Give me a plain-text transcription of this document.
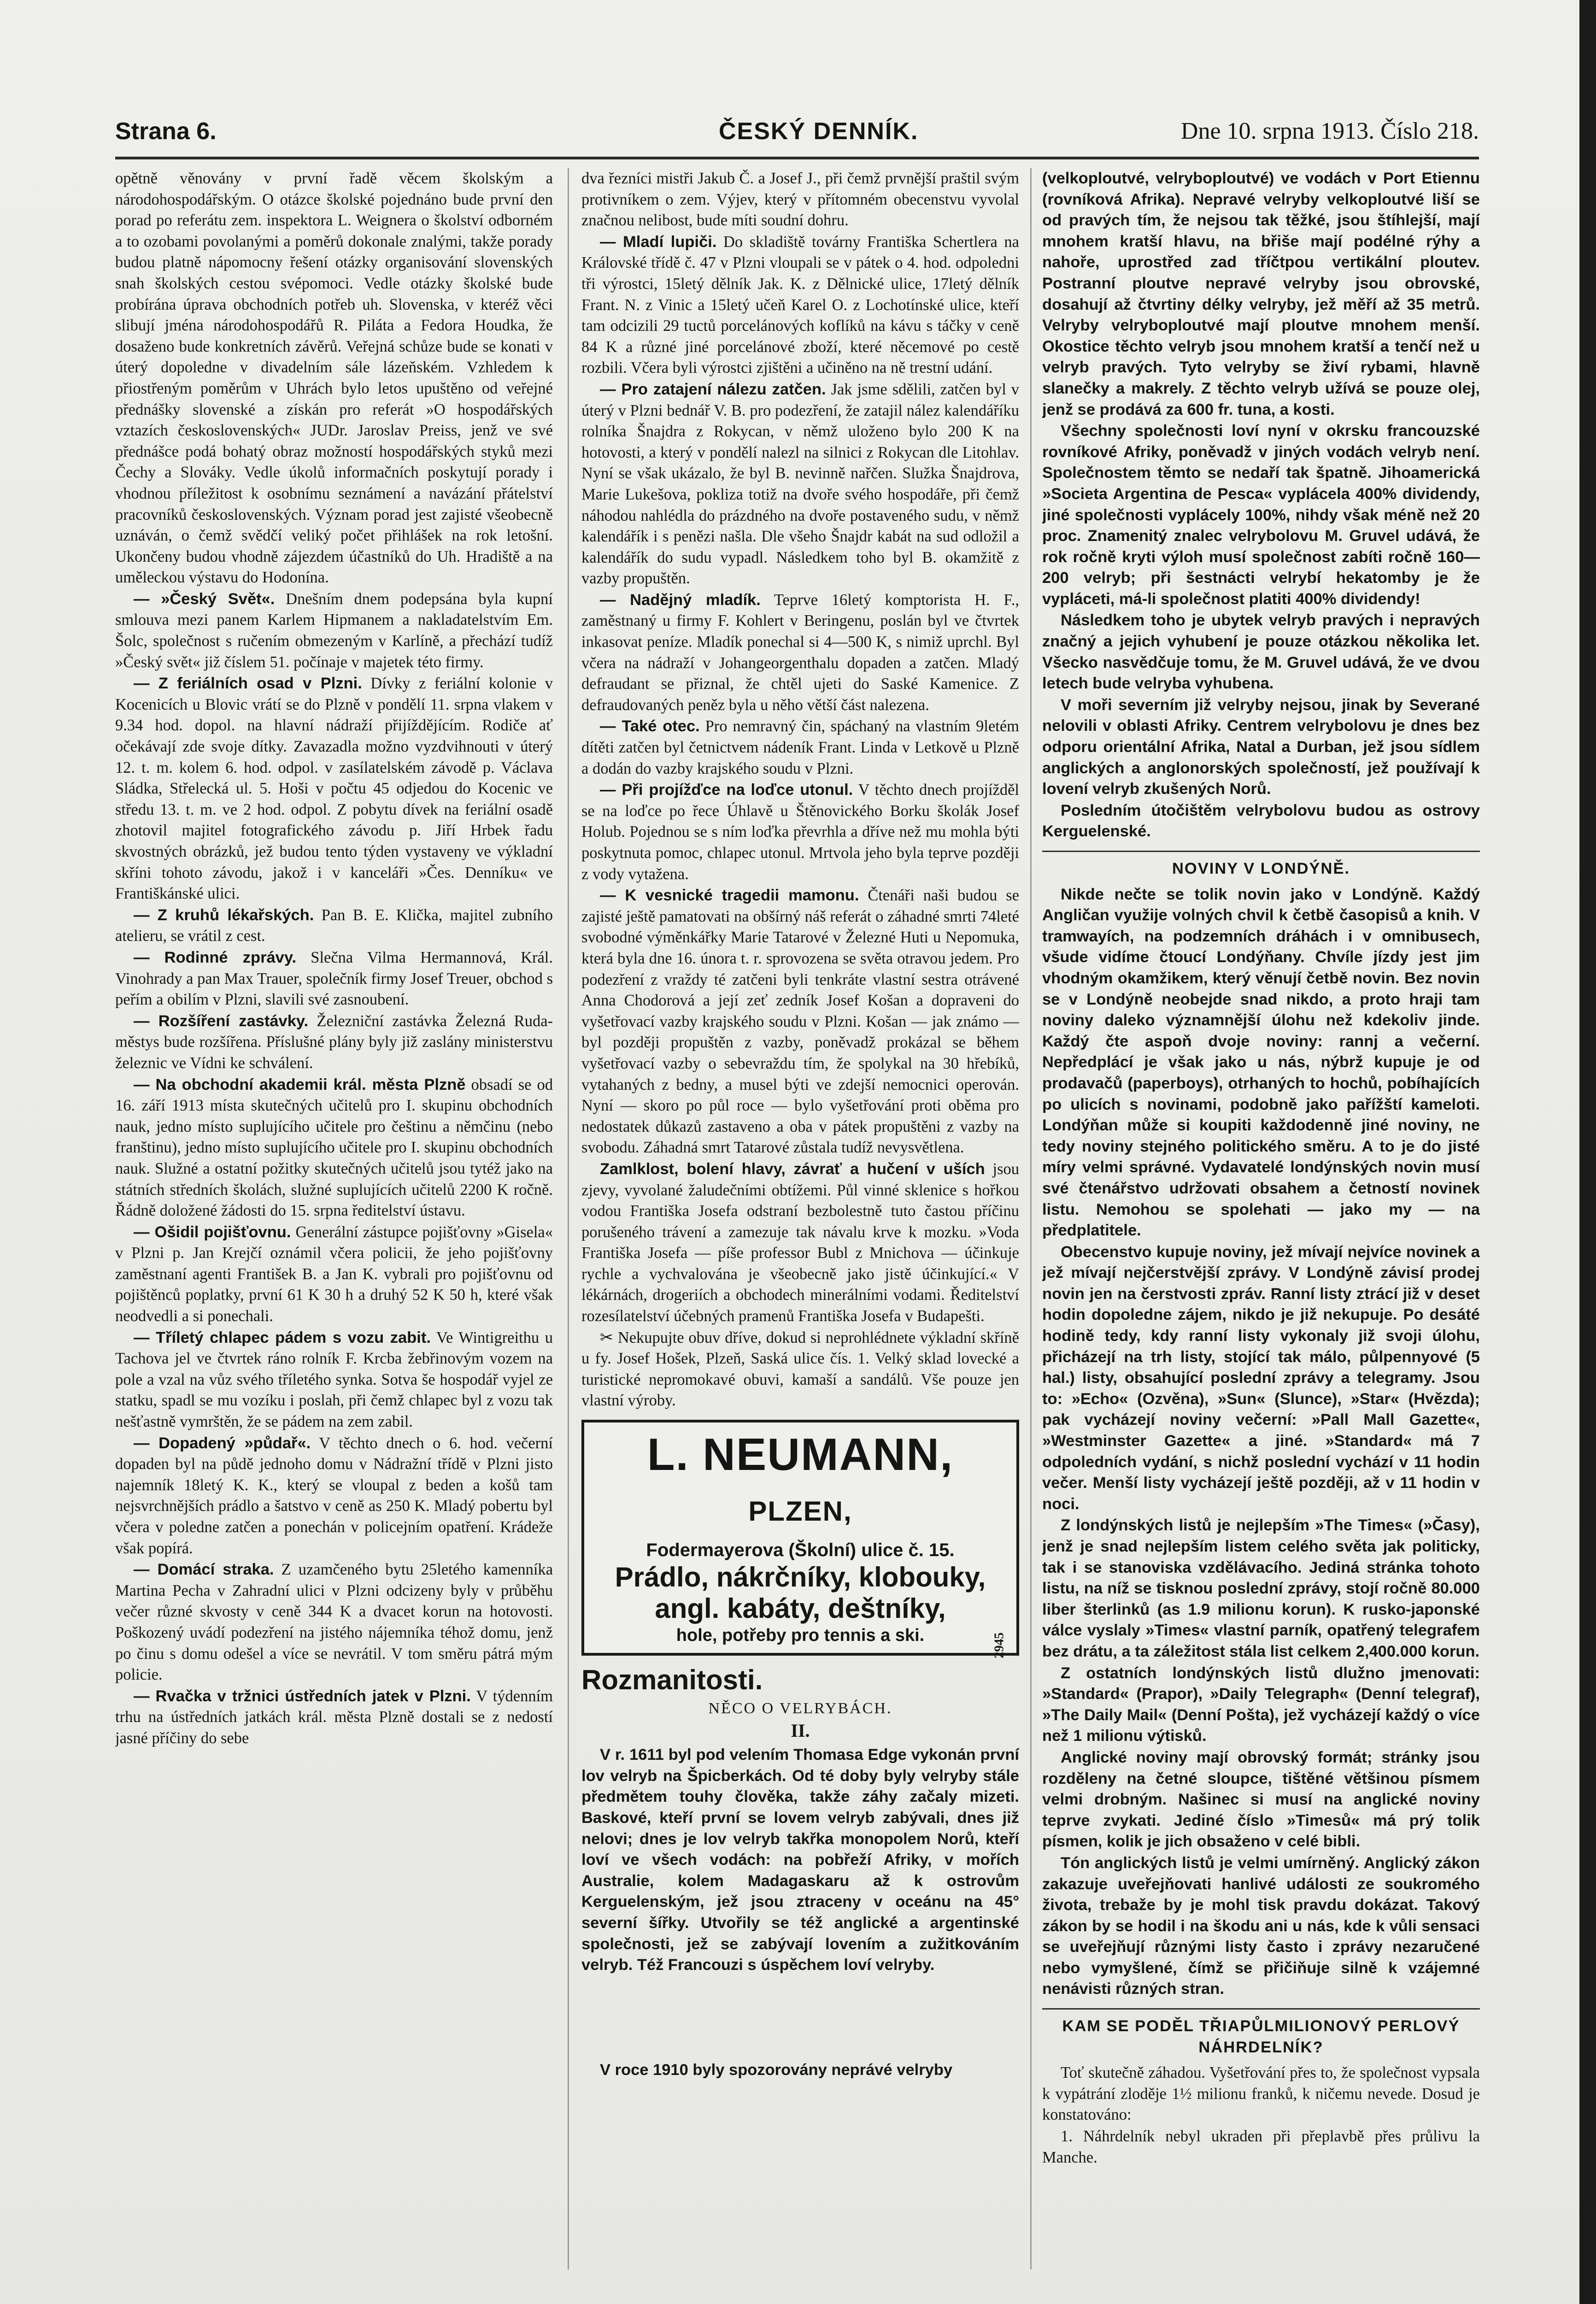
Strana 6.	ČESKÝ DENNÍK.	Dne 10. srpna 1913. Číslo 218.

opětně věnovány v první řadě věcem školským a národohospodářským. O otázce školské pojednáno bude první den porad po referátu zem. inspektora L. Weignera o školství odborném a to ozobami povolanými a poměrů dokonale znalými, takže porady budou platně nápomocny řešení otázky organisování slovenských snah školských cestou svépomoci. Vedle otázky školské bude probírána úprava obchodních potřeb uh. Slovenska, v kteréž věci slibují jména národohospodářů R. Piláta a Fedora Houdka, že dosaženo bude konkretních závěrů. Veřejná schůze bude se konati v úterý dopoledne v divadelním sále lázeňském. Vzhledem k přiostřeným poměrům v Uhrách bylo letos upuštěno od veřejné přednášky slovenské a získán pro referát »O hospodářských vztazích československých« JUDr. Jaroslav Preiss, jenž ve své přednášce podá bohatý obraz možností hospodářských styků mezi Čechy a Slováky. Vedle úkolů informačních poskytují porady i vhodnou příležitost k osobnímu seznámení a navázání přátelství pracovníků československých. Význam porad jest zajisté všeobecně uznáván, o čemž svědčí veliký počet přihlášek na rok letošní. Ukončeny budou vhodně zájezdem účastníků do Uh. Hradiště a na uměleckou výstavu do Hodonína.

— »Český Svět«. Dnešním dnem podepsána byla kupní smlouva mezi panem Karlem Hipmanem a nakladatelstvím Em. Šolc, společnost s ručením obmezeným v Karlíně, a přechází tudíž »Český svět« již číslem 51. počínaje v majetek této firmy.

— Z feriálních osad v Plzni. Dívky z feriální kolonie v Kocenicích u Blovic vrátí se do Plzně v pondělí 11. srpna vlakem v 9.34 hod. dopol. na hlavní nádraží přijíždějícím. Rodiče ať očekávají zde svoje dítky. Zavazadla možno vyzdvihnouti v úterý 12. t. m. kolem 6. hod. odpol. v zasílatelském závodě p. Václava Sládka, Střelecká ul. 5. Hoši v počtu 45 odjedou do Kocenic ve středu 13. t. m. ve 2 hod. odpol. Z pobytu dívek na feriální osadě zhotovil majitel fotografického závodu p. Jiří Hrbek řadu skvostných obrázků, jež budou tento týden vystaveny ve výkladní skříni tohoto závodu, jakož i v kanceláři »Čes. Denníku« ve Františkánské ulici.

— Z kruhů lékařských. Pan B. E. Klička, majitel zubního atelieru, se vrátil z cest.

— Rodinné zprávy. Slečna Vilma Hermannová, Král. Vinohrady a pan Max Trauer, společník firmy Josef Treuer, obchod s peřím a obilím v Plzni, slavili své zasnoubení.

— Rozšíření zastávky. Železniční zastávka Železná Ruda-městys bude rozšířena. Příslušné plány byly již zaslány ministerstvu železnic ve Vídni ke schválení.

— Na obchodní akademii král. města Plzně obsadí se od 16. září 1913 místa skutečných učitelů pro I. skupinu obchodních nauk, jedno místo suplujícího učitele pro češtinu a němčinu (nebo franštinu), jedno místo suplujícího učitele pro I. skupinu obchodních nauk. Služné a ostatní požitky skutečných učitelů jsou tytéž jako na státních středních školách, služné suplujících učitelů 2200 K ročně. Řádně doložené žádosti do 15. srpna ředitelství ústavu.

— Ošidil pojišťovnu. Generální zástupce pojišťovny »Gisela« v Plzni p. Jan Krejčí oznámil včera policii, že jeho pojišťovny zaměstnaní agenti František B. a Jan K. vybrali pro pojišťovnu od pojištěnců poplatky, první 61 K 30 h a druhý 52 K 50 h, které však neodvedli a si ponechali.

— Tříletý chlapec pádem s vozu zabit. Ve Wintigreithu u Tachova jel ve čtvrtek ráno rolník F. Krcba žebřinovým vozem na pole a vzal na vůz svého tříletého synka. Sotva še hospodář vyjel ze statku, spadl se mu vozíku i poslah, při čemž chlapec byl z vozu tak nešťastně vymrštěn, že se pádem na zem zabil.

— Dopadený »půdař«. V těchto dnech o 6. hod. večerní dopaden byl na půdě jednoho domu v Nádražní třídě v Plzni jisto najemník 18letý K. K., který se vloupal z beden a košů tam nejsvrchnějších prádlo a šatstvo v ceně as 250 K. Mladý pobertu byl včera v poledne zatčen a ponechán v policejním opatření. Krádeže však popírá.

— Domácí straka. Z uzamčeného bytu 25letého kamenníka Martina Pecha v Zahradní ulici v Plzni odcizeny byly v průběhu večer různé skvosty v ceně 344 K a dvacet korun na hotovosti. Poškozený uvádí podezření na jistého nájemníka téhož domu, jenž po činu s domu odešel a více se nevrátil. V tom směru pátrá mým policie.

— Rvačka v tržnici ústředních jatek v Plzni. V týdenním trhu na ústředních jatkách král. města Plzně dostali se z nedostí jasné příčiny do sebe

dva řezníci mistři Jakub Č. a Josef J., při čemž prvnější praštil svým protivníkem o zem. Výjev, který v přítomném obecenstvu vyvolal značnou nelibost, bude míti soudní dohru.

— Mladí lupiči. Do skladiště továrny Františka Schertlera na Královské třídě č. 47 v Plzni vloupali se v pátek o 4. hod. odpoledni tři výrostci, 15letý dělník Jak. K. z Dělnické ulice, 17letý dělník Frant. N. z Vinic a 15letý učeň Karel O. z Lochotínské ulice, kteří tam odcizili 29 tuctů porcelánových koflíků na kávu s táčky v ceně 84 K a různé jiné porcelánové zboží, které něcemové po cestě rozbili. Včera byli výrostci zjištěni a učiněno na ně trestní udání.

— Pro zatajení nálezu zatčen. Jak jsme sdělili, zatčen byl v úterý v Plzni bednář V. B. pro podezření, že zatajil nález kalendáříku rolníka Šnajdra z Rokycan, v němž uloženo bylo 200 K na hotovosti, a který v pondělí nalezl na silnici z Rokycan dle Litohlav. Nyní se však ukázalo, že byl B. nevinně nařčen. Služka Šnajdrova, Marie Lukešova, pokliza totiž na dvoře svého hospodáře, při čemž náhodou nahlédla do prázdného na dvoře postaveného sudu, v němž kalendářík i s penězi našla. Dle všeho Šnajdr kabát na sud odložil a kalendářík do sudu vypadl. Následkem toho byl B. okamžitě z vazby propuštěn.

— Nadějný mladík. Teprve 16letý komptorista H. F., zaměstnaný u firmy F. Kohlert v Beringenu, poslán byl ve čtvrtek inkasovat peníze. Mladík ponechal si 4—500 K, s nimiž uprchl. Byl včera na nádraží v Johangeorgenthalu dopaden a zatčen. Mladý defraudant se přiznal, že chtěl ujeti do Saské Kamenice. Z defraudovaných peněz byla u něho větší část nalezena.

— Také otec. Pro nemravný čin, spáchaný na vlastním 9letém dítěti zatčen byl četnictvem nádeník Frant. Linda v Letkově u Plzně a dodán do vazby krajského soudu v Plzni.

— Při projížďce na loďce utonul. V těchto dnech projížděl se na loďce po řece Úhlavě u Štěnovického Borku školák Josef Holub. Pojednou se s ním loďka převrhla a dříve než mu mohla býti poskytnuta pomoc, chlapec utonul. Mrtvola jeho byla teprve později z vody vytažena.

— K vesnické tragedii mamonu. Čtenáři naši budou se zajisté ještě pamatovati na obšírný náš referát o záhadné smrti 74leté svobodné výměnkářky Marie Tatarové v Železné Huti u Nepomuka, která byla dne 16. února t. r. sprovozena se světa otravou jedem. Pro podezření z vraždy té zatčeni byli tenkráte vlastní sestra otrávené Anna Chodorová a její zeť zedník Josef Košan a dopraveni do vyšetřovací vazby krajského soudu v Plzni. Košan — jak známo — byl později propuštěn z vazby, poněvadž prokázal se během vyšetřovací vazby o sebevraždu tím, že spolykal na 30 hřebíků, vytahaných z bedny, a musel býti ve zdejší nemocnici operován. Nyní — skoro po půl roce — bylo vyšetřování proti oběma pro nedostatek důkazů zastaveno a oba v pátek propuštěni z vazby na svobodu. Záhadná smrt Tatarové zůstala tudíž nevysvětlena.

Zamlklost, bolení hlavy, závrať a hučení v uších jsou zjevy, vyvolané žaludečními obtížemi. Půl vinné sklenice s hořkou vodou Františka Josefa odstraní bezbolestně tuto častou příčinu porušeného trávení a zamezuje tak návalu krve k mozku. »Voda Františka Josefa — píše professor Bubl z Mnichova — účinkuje rychle a vychvalována je všeobecně jako jistě účinkující.« V lékárnách, drogeriích a obchodech minerálními vodami. Ředitelství rozesílatelství účebných pramenů Františka Josefa v Budapešti.

✂ Nekupujte obuv dříve, dokud si neprohlédnete výkladní skříně u fy. Josef Hošek, Plzeň, Saská ulice čís. 1. Velký sklad lovecké a turistické nepromokavé obuvi, kamaší a sandálů. Vše pouze jen vlastní výroby.

L. NEUMANN, PLZEN,
Fodermayerova (Školní) ulice č. 15.
Prádlo, nákrčníky, klobouky, angl. kabáty, deštníky,
hole, potřeby pro tennis a ski.	2945
Rozmanitosti.
NĚCO O VELRYBÁCH.
II.

V r. 1611 byl pod velením Thomasa Edge vykonán první lov velryb na Špicberkách. Od té doby byly velryby stále předmětem touhy člověka, takže záhy začaly mizeti. Baskové, kteří první se lovem velryb zabývali, dnes již nelovi; dnes je lov velryb takřka monopolem Norů, kteří loví ve všech vodách: na pobřeží Afriky, v mořích Australie, kolem Madagaskaru až k ostrovům Kerguelenským, jež jsou ztraceny v oceánu na 45° severní šířky. Utvořily se též anglické a argentinské společnosti, jež se zabývají lovením a zužitkováním velryb. Též Francouzi s úspěchem loví velryby.

V roce 1910 byly spozorovány neprávé velryby

(velkoploutvé, velryboploutvé) ve vodách v Port Etiennu (rovníková Afrika). Nepravé velryby velkoploutvé liší se od pravých tím, že nejsou tak těžké, jsou štíhlejší, mají mnohem kratší hlavu, na břiše mají podélné rýhy a nahoře, uprostřed zad tříčtpou vertikální ploutev. Postranní ploutve nepravé velryby jsou obrovské, dosahují až čtvrtiny délky velryby, jež měří až 35 metrů. Velryby velryboploutvé mají ploutve mnohem menší. Okostice těchto velryb jsou mnohem kratší a tenčí než u velryb pravých. Tyto velryby se živí rybami, hlavně slanečky a makrely. Z těchto velryb užívá se pouze olej, jenž se prodává za 600 fr. tuna, a kosti.

Všechny společnosti loví nyní v okrsku francouzské rovníkové Afriky, poněvadž v jiných vodách velryb není. Společnostem těmto se nedaří tak špatně. Jihoamerická »Societa Argentina de Pesca« vyplácela 400% dividendy, jiné společnosti vyplácely 100%, nihdy však méně než 20 proc. Znamenitý znalec velrybolovu M. Gruvel udává, že rok ročně kryti výloh musí společnost zabíti ročně 160—200 velryb; při šestnácti velrybí hekatomby je že vypláceti, má-li společnost platiti 400% dividendy!

Následkem toho je ubytek velryb pravých i nepravých značný a jejich vyhubení je pouze otázkou několika let. Všecko nasvědčuje tomu, že M. Gruvel udává, že ve dvou letech bude velryba vyhubena.

V moři severním již velryby nejsou, jinak by Severané nelovili v oblasti Afriky. Centrem velrybolovu je dnes bez odporu orientální Afrika, Natal a Durban, jež jsou sídlem anglických a anglonorských společností, jež používají k lovení velryb zkušených Norů.

Posledním útočištěm velrybolovu budou as ostrovy Kerguelenské.

NOVINY V LONDÝNĚ.

Nikde nečte se tolik novin jako v Londýně. Každý Angličan využije volných chvil k četbě časopisů a knih. V tramwayích, na podzemních dráhách i v omnibusech, všude vidíme čtoucí Londýňany. Chvíle jízdy jest jim vhodným okamžikem, který věnují četbě novin. Bez novin se v Londýně neobejde snad nikdo, a proto hraji tam noviny daleko významnější úlohu než kdekoliv jinde. Každý čte aspoň dvoje noviny: rannj a večerní. Nepředplácí je však jako u nás, nýbrž kupuje je od prodavačů (paperboys), otrhaných to hochů, pobíhajících po ulicích s novinami, podobně jako pařížští kameloti. Londýňan může si koupiti každodenně jiné noviny, ne tedy noviny stejného politického směru. A to je do jisté míry velmi správné. Vydavatelé londýnských novin musí své čtenářstvo udržovati obsahem a četností novinek listu. Nemohou se spolehati — jako my — na předplatitele.

Obecenstvo kupuje noviny, jež mívají nejvíce novinek a jež mívají nejčerstvější zprávy. V Londýně závisí prodej novin jen na čerstvosti zpráv. Ranní listy ztrácí již v deset hodin dopoledne zájem, nikdo je již nekupuje. Po desáté hodině tedy, kdy ranní listy vykonaly již svoji úlohu, přicházejí na trh listy, stojící tak málo, půlpennyové (5 hal.) listy, obsahující poslední zprávy a telegramy. Jsou to: »Echo« (Ozvěna), »Sun« (Slunce), »Star« (Hvězda); pak vycházejí noviny večerní: »Pall Mall Gazette«, »Westminster Gazette« a jiné. »Standard« má 7 odpoledních vydání, s nichž poslední vychází v 11 hodin večer. Menší listy vycházejí ještě později, až v 11 hodin v noci.

Z londýnských listů je nejlepším »The Times« (»Časy), jenž je snad nejlepším listem celého světa jak politicky, tak i se stanoviska vzdělávacího. Jediná stránka tohoto listu, na níž se tisknou poslední zprávy, stojí ročně 80.000 liber šterlinků (as 1.9 milionu korun). K rusko-japonské válce vyslaly »Times« vlastní parník, opatřený telegrafem bez drátu, a ta záležitost stála list celkem 2,400.000 korun.

Z ostatních londýnských listů dlužno jmenovati: »Standard« (Prapor), »Daily Telegraph« (Denní telegraf), »The Daily Mail« (Denní Pošta), jež vycházejí každý o více než 1 milionu výtisků.

Anglické noviny mají obrovský formát; stránky jsou rozděleny na četné sloupce, tištěné většinou písmem velmi drobným. Našinec si musí na anglické noviny teprve zvykati. Jediné číslo »Timesů« má prý tolik písmen, kolik je jich obsaženo v celé bibli.

Tón anglických listů je velmi umírněný. Anglický zákon zakazuje uveřejňovati hanlivé události ze soukromého života, trebaže by je mohl tisk pravdu dokázat. Takový zákon by se hodil i na škodu ani u nás, kde k vůli sensaci se uveřejňují různými listy často i zprávy nezaručené nebo vymyšlené, čímž se přičiňuje silně k vzájemné nenávisti různých stran.

KAM SE PODĚL TŘIAPŮLMILIONOVÝ PERLOVÝ NÁHRDELNÍK?

Toť skutečně záhadou. Vyšetřování přes to, že společnost vypsala k vypátrání zloděje 1½ milionu franků, k ničemu nevede. Dosud je konstatováno:

1. Náhrdelník nebyl ukraden při přeplavbě přes průlivu la Manche.
